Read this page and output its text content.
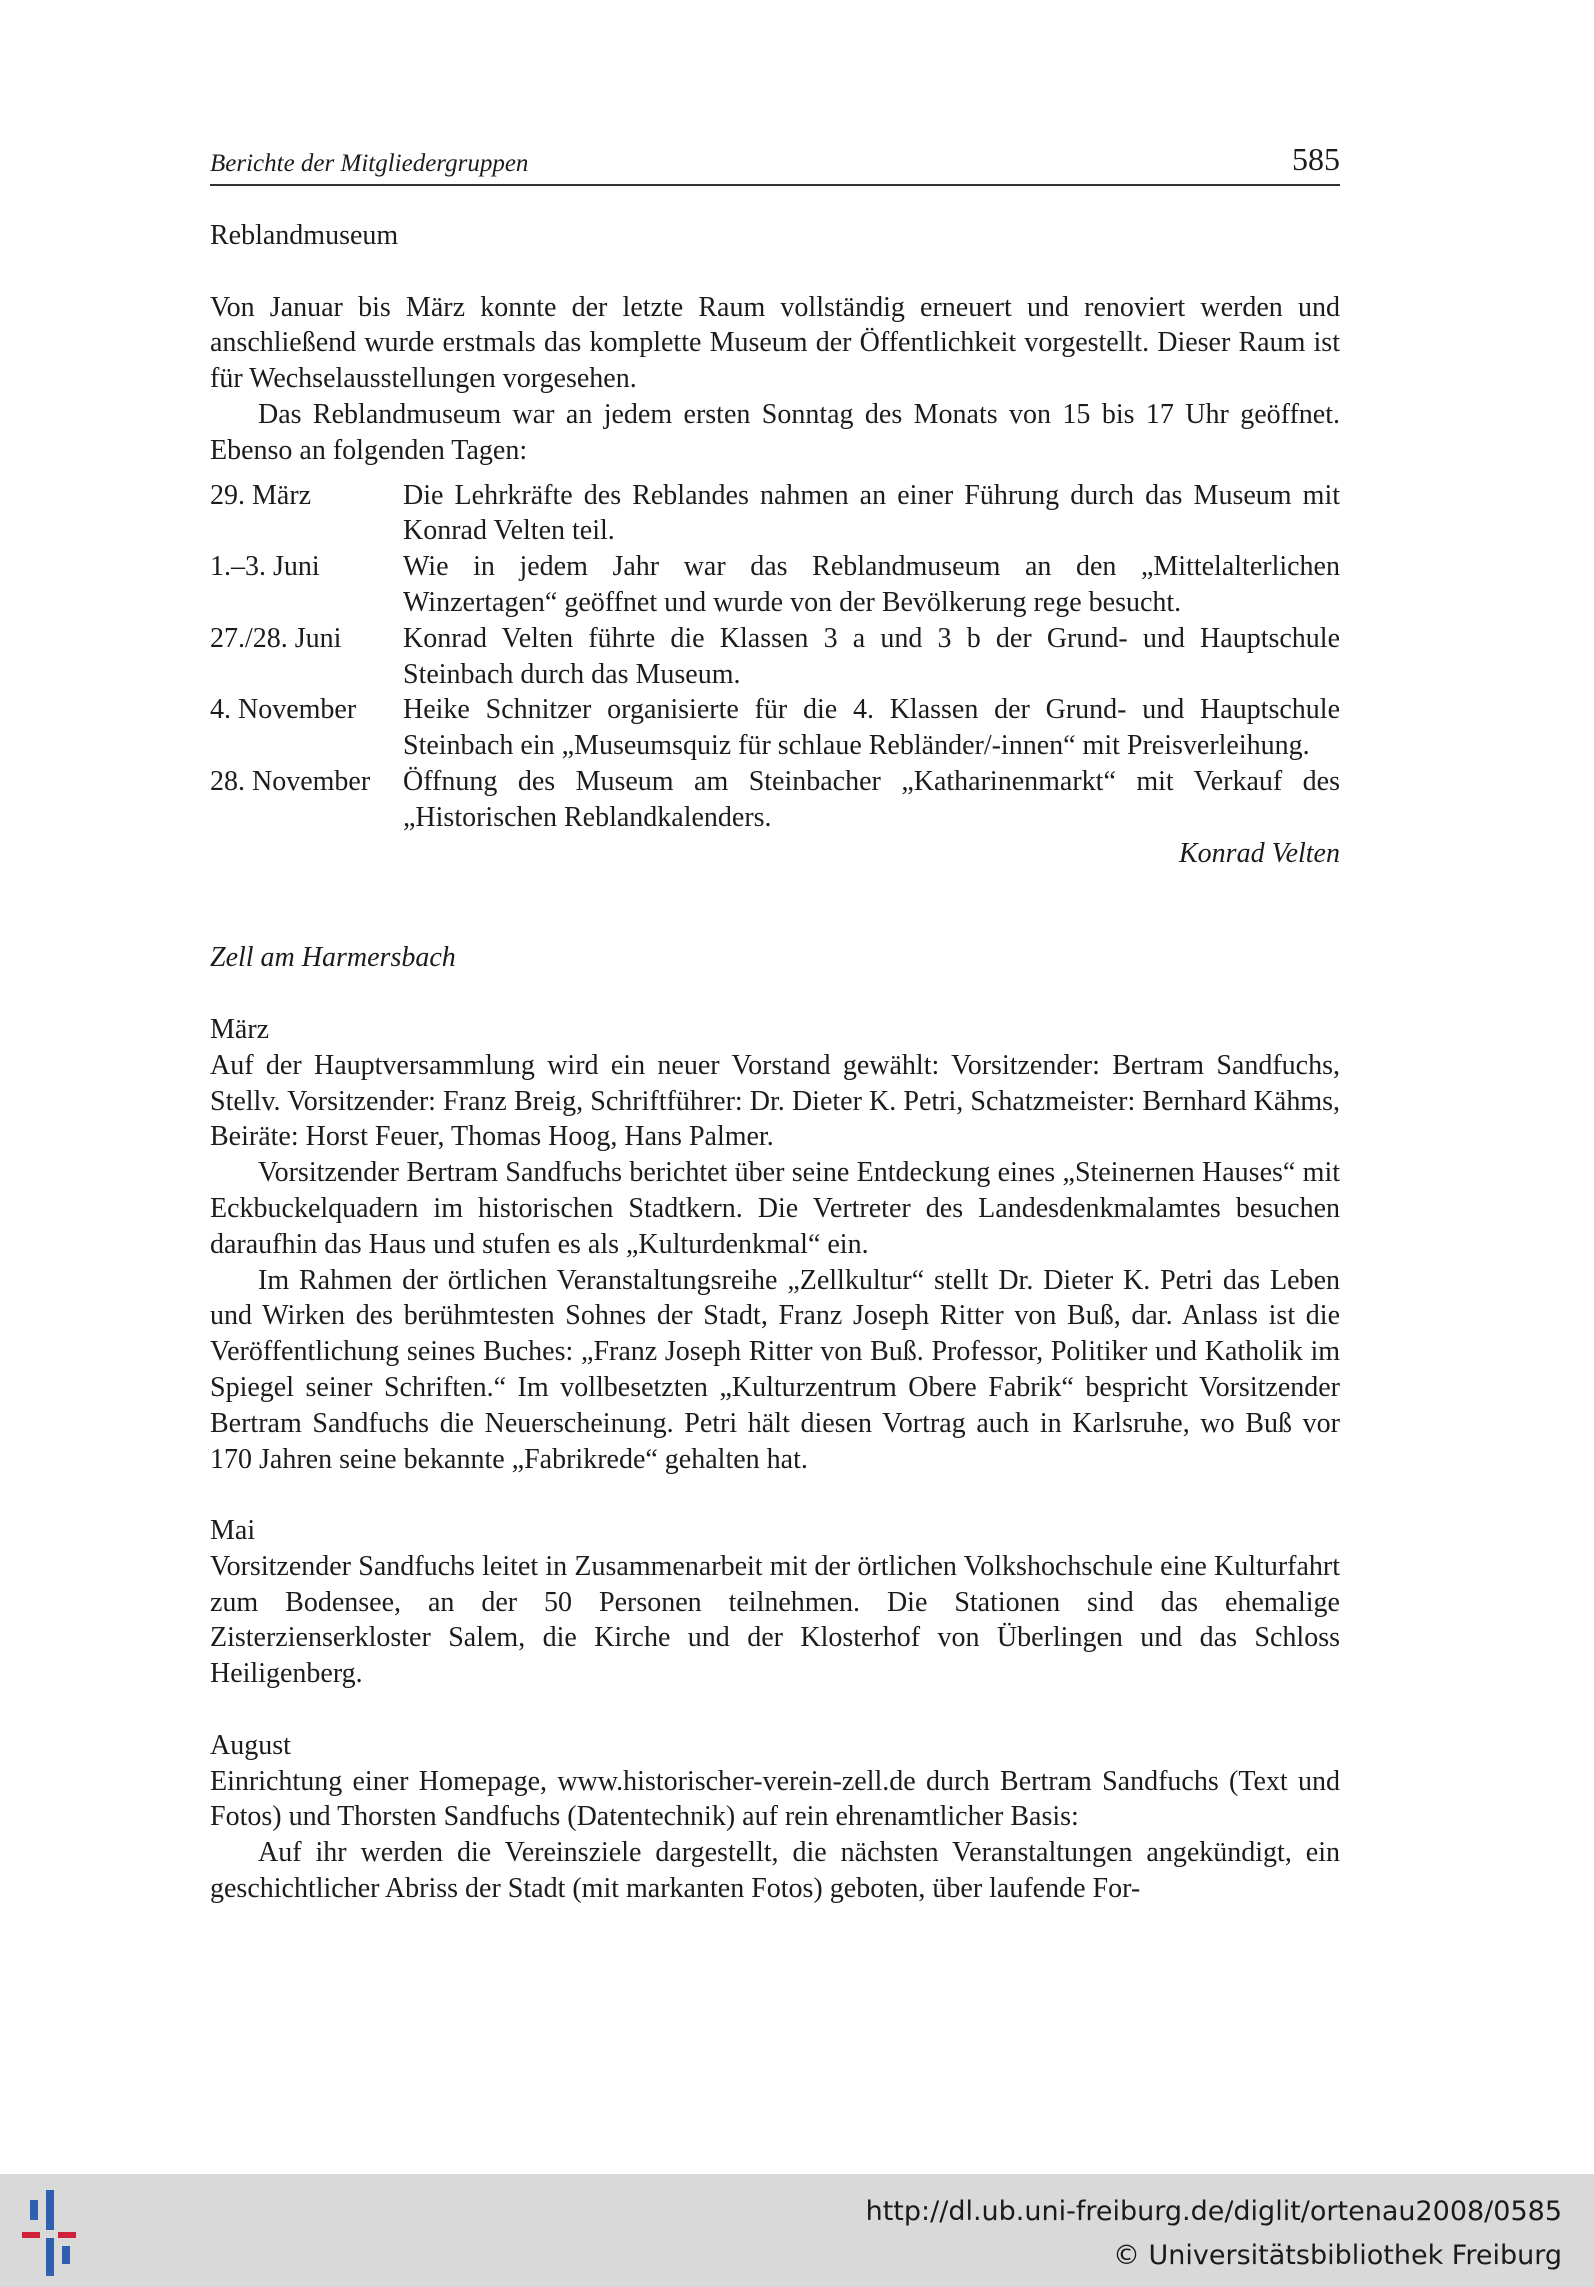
Berichte der Mitgliedergruppen	585

Reblandmuseum

Von Januar bis März konnte der letzte Raum vollständig erneuert und renoviert werden und anschließend wurde erstmals das komplette Museum der Öffentlichkeit vorgestellt. Dieser Raum ist für Wechselausstellungen vorgesehen.

Das Reblandmuseum war an jedem ersten Sonntag des Monats von 15 bis 17 Uhr geöffnet. Ebenso an folgenden Tagen:

29. März	Die Lehrkräfte des Reblandes nahmen an einer Führung durch das Museum mit Konrad Velten teil.
1.–3. Juni	Wie in jedem Jahr war das Reblandmuseum an den „Mittelalterlichen Winzertagen“ geöffnet und wurde von der Bevölkerung rege besucht.
27./28. Juni	Konrad Velten führte die Klassen 3 a und 3 b der Grund- und Hauptschule Steinbach durch das Museum.
4. November	Heike Schnitzer organisierte für die 4. Klassen der Grund- und Hauptschule Steinbach ein „Museumsquiz für schlaue Rebländer/-innen“ mit Preisverleihung.
28. November	Öffnung des Museum am Steinbacher „Katharinenmarkt“ mit Verkauf des „Historischen Reblandkalenders.

Konrad Velten

Zell am Harmersbach

März

Auf der Hauptversammlung wird ein neuer Vorstand gewählt: Vorsitzender: Bertram Sandfuchs, Stellv. Vorsitzender: Franz Breig, Schriftführer: Dr. Dieter K. Petri, Schatzmeister: Bernhard Kähms, Beiräte: Horst Feuer, Thomas Hoog, Hans Palmer.

Vorsitzender Bertram Sandfuchs berichtet über seine Entdeckung eines „Steinernen Hauses“ mit Eckbuckelquadern im historischen Stadtkern. Die Vertreter des Landesdenkmalamtes besuchen daraufhin das Haus und stufen es als „Kulturdenkmal“ ein.

Im Rahmen der örtlichen Veranstaltungsreihe „Zellkultur“ stellt Dr. Dieter K. Petri das Leben und Wirken des berühmtesten Sohnes der Stadt, Franz Joseph Ritter von Buß, dar. Anlass ist die Veröffentlichung seines Buches: „Franz Joseph Ritter von Buß. Professor, Politiker und Katholik im Spiegel seiner Schriften.“ Im vollbesetzten „Kulturzentrum Obere Fabrik“ bespricht Vorsitzender Bertram Sandfuchs die Neuerscheinung. Petri hält diesen Vortrag auch in Karlsruhe, wo Buß vor 170 Jahren seine bekannte „Fabrikrede“ gehalten hat.

Mai

Vorsitzender Sandfuchs leitet in Zusammenarbeit mit der örtlichen Volkshochschule eine Kulturfahrt zum Bodensee, an der 50 Personen teilnehmen. Die Stationen sind das ehemalige Zisterzienserkloster Salem, die Kirche und der Klosterhof von Überlingen und das Schloss Heiligenberg.

August

Einrichtung einer Homepage, www.historischer-verein-zell.de durch Bertram Sandfuchs (Text und Fotos) und Thorsten Sandfuchs (Datentechnik) auf rein ehrenamtlicher Basis:

Auf ihr werden die Vereinsziele dargestellt, die nächsten Veranstaltungen angekündigt, ein geschichtlicher Abriss der Stadt (mit markanten Fotos) geboten, über laufende For-

http://dl.ub.uni-freiburg.de/diglit/ortenau2008/0585
© Universitätsbibliothek Freiburg
